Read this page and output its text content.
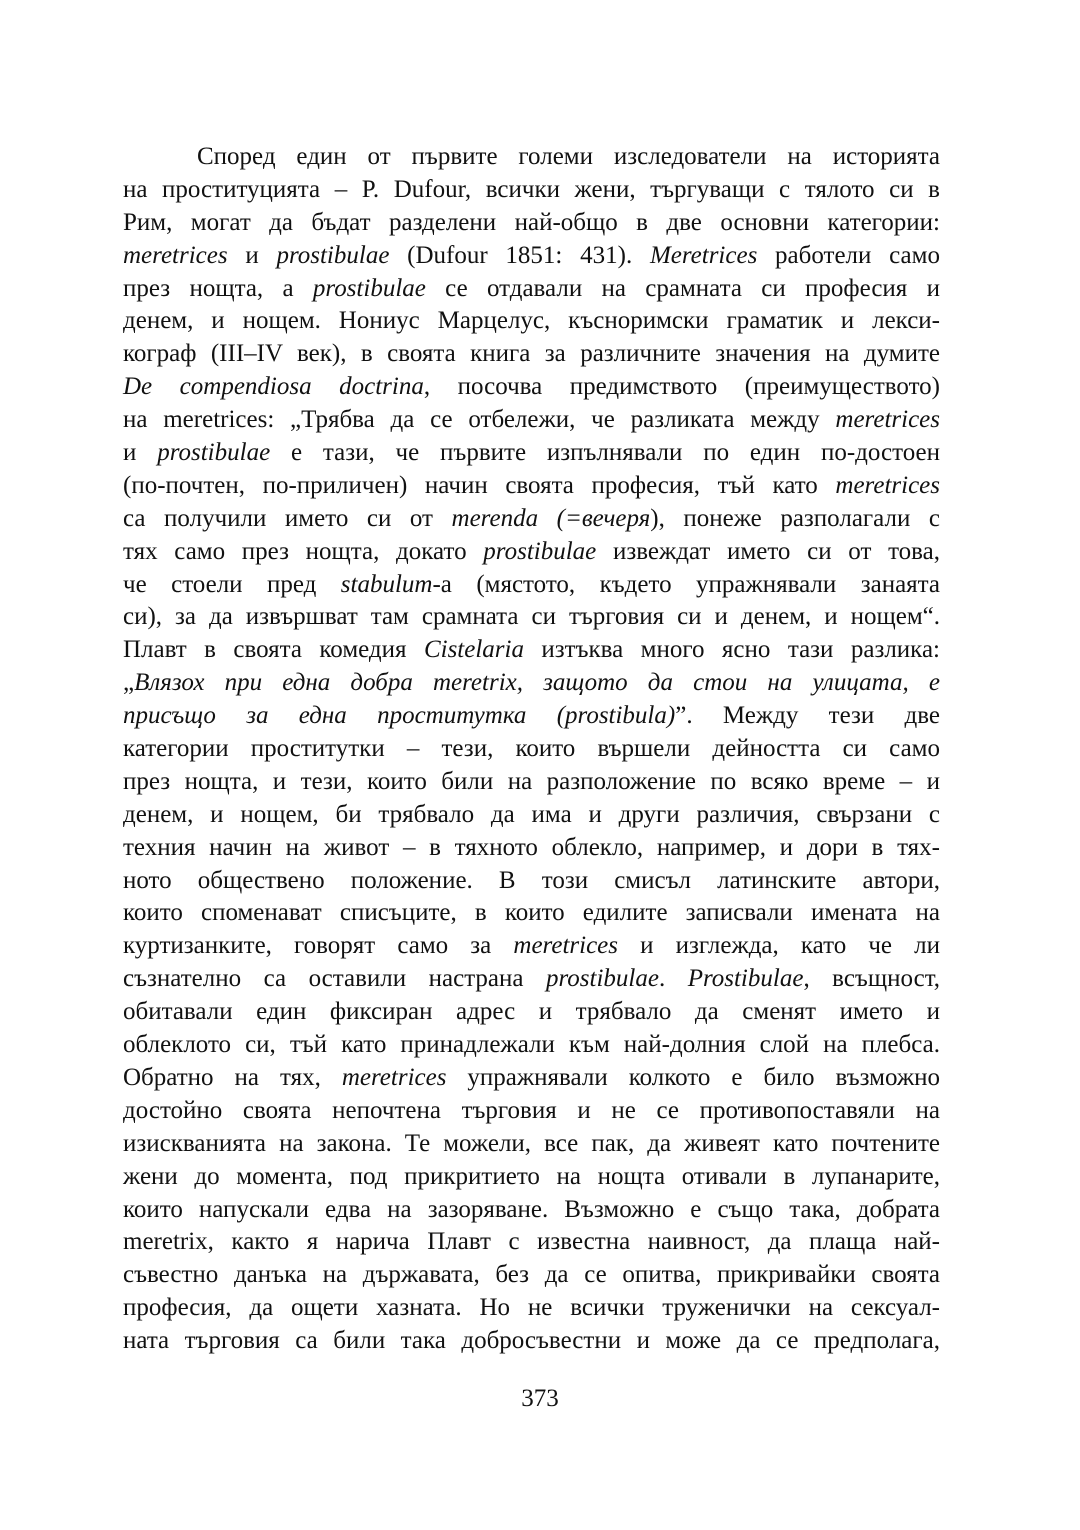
Според един от първите големи изследователи на историята
на проституцията – P. Dufour, всички жени, търгуващи с тялото си в
Рим, могат да бъдат разделени най-общо в две основни категории:
meretrices и prostibulae (Dufour 1851: 431). Meretrices работели само
през нощта, а prostibulae се отдавали на срамната си професия и
денем, и нощем. Нониус Марцелус, късноримски граматик и лекси-
кограф (III–IV век), в своята книга за различните значения на думите
De compendiosa doctrina, посочва предимството (преимуществото)
на meretrices: „Трябва да се отбележи, че разликата между meretrices
и prostibulae е тази, че първите изпълнявали по един по-достоен
(по-почтен, по-приличен) начин своята професия, тъй като meretrices
са получили името си от merenda (=вечеря), понеже разполагали с
тях само през нощта, докато prostibulae извеждат името си от това,
че стоели пред stabulum-а (мястото, където упражнявали занаята
си), за да извършват там срамната си търговия си и денем, и нощем“.
Плавт в своята комедия Cistelaria изтъква много ясно тази разлика:
„Влязох при една добра meretrix, защото да стои на улицата, е
присъщо за една проститутка (prostibula)”. Между тези две
категории проститутки – тези, които вършели дейността си само
през нощта, и тези, които били на разположение по всяко време – и
денем, и нощем, би трябвало да има и други различия, свързани с
техния начин на живот – в тяхното облекло, например, и дори в тях-
ното обществено положение. В този смисъл латинските автори,
които споменават списъците, в които едилите записвали имената на
куртизанките, говорят само за meretrices и изглежда, като че ли
съзнателно са оставили настрана prostibulae. Prostibulae, всъщност,
обитавали един фиксиран адрес и трябвало да сменят името и
облеклото си, тъй като принадлежали към най-долния слой на плебса.
Обратно на тях, meretrices упражнявали колкото е било възможно
достойно своята непочтена търговия и не се противопоставяли на
изискванията на закона. Те можели, все пак, да живеят като почтените
жени до момента, под прикритието на нощта отивали в лупанарите,
които напускали едва на зазоряване. Възможно е също така, добрата
meretrix, както я нарича Плавт с известна наивност, да плаща най-
съвестно данъка на държавата, без да се опитва, прикривайки своята
професия, да ощети хазната. Но не всички труженички на сексуал-
ната търговия са били така добросъвестни и може да се предполага,
373
